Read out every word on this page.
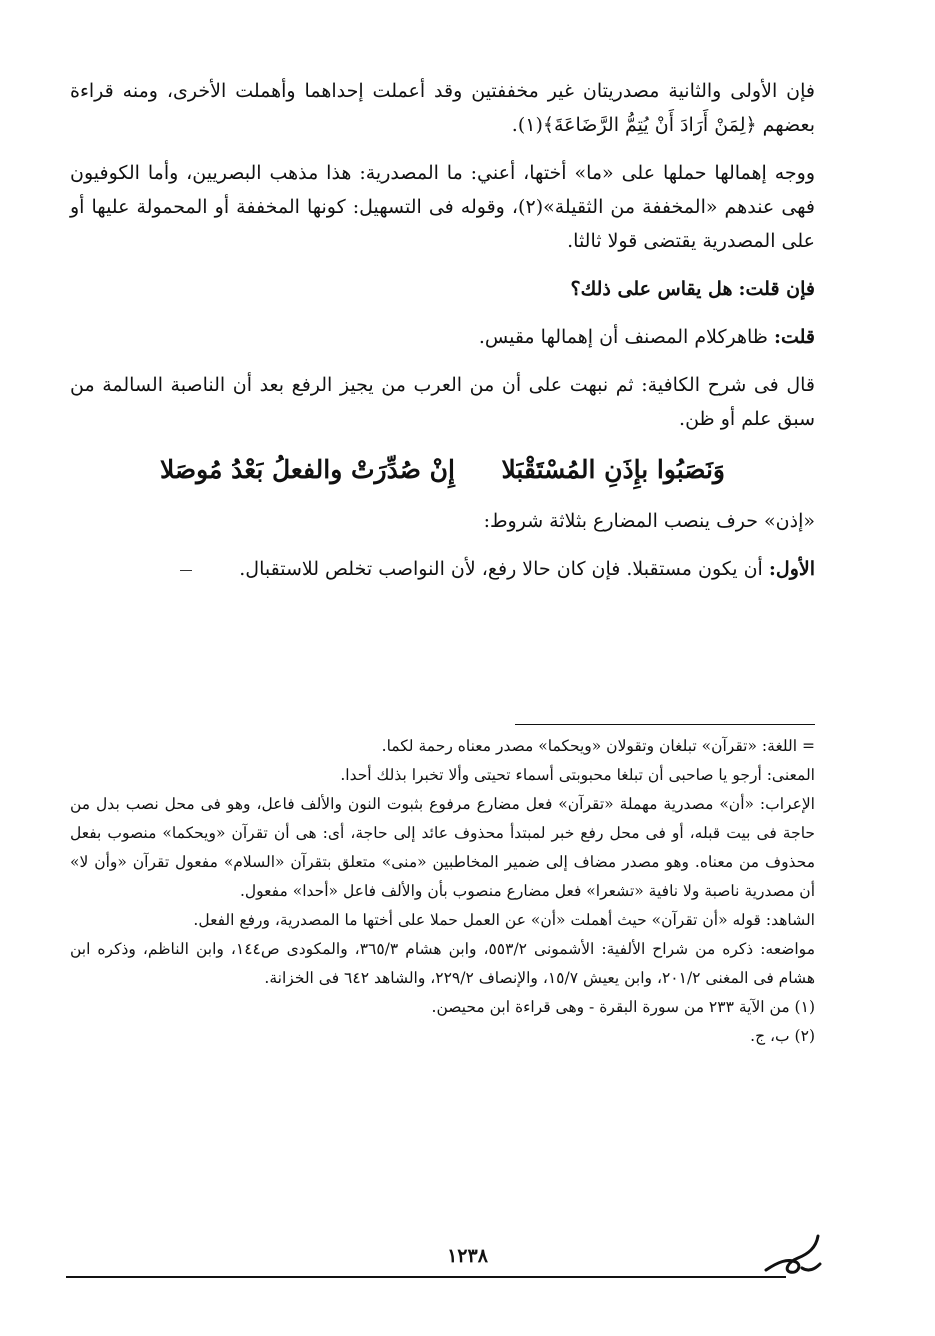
فإن الأولى والثانية مصدريتان غير مخففتين وقد أعملت إحداهما وأهملت الأخرى، ومنه قراءة بعضهم ﴿لِمَنْ أَرَادَ أَنْ يُتِمُّ الرَّضَاعَةَ﴾(١).

ووجه إهمالها حملها على «ما» أختها، أعني: ما المصدرية: هذا مذهب البصريين، وأما الكوفيون فهى عندهم «المخففة من الثقيلة»(٢)، وقوله فى التسهيل: كونها المخففة أو المحمولة عليها أو على المصدرية يقتضى قولا ثالثا.

فإن قلت: هل يقاس على ذلك؟

قلت: ظاهركلام المصنف أن إهمالها مقيس.

قال فى شرح الكافية: ثم نبهت على أن من العرب من يجيز الرفع بعد أن الناصبة السالمة من سبق علم أو ظن.

وَنَصَبُوا بإِذَنِ المُسْتَقْبَلا
إِنْ صُدِّرَتْ والفعلُ بَعْدُ مُوصَلا

«إذن» حرف ينصب المضارع بثلاثة شروط:

الأول: أن يكون مستقبلا. فإن كان حالا رفع، لأن النواصب تخلص للاستقبال.

= اللغة: «تقرآن» تبلغان وتقولان «ويحكما» مصدر معناه رحمة لكما.

المعنى: أرجو يا صاحبى أن تبلغا محبوبتى أسماء تحيتى وألا تخبرا بذلك أحدا.

الإعراب: «أن» مصدرية مهملة «تقرآن» فعل مضارع مرفوع بثبوت النون والألف فاعل، وهو فى محل نصب بدل من حاجة فى بيت قبله، أو فى محل رفع خبر لمبتدأ محذوف عائد إلى حاجة، أى: هى أن تقرآن «ويحكما» منصوب بفعل محذوف من معناه. وهو مصدر مضاف إلى ضمير المخاطبين «منى» متعلق بتقرآن «السلام» مفعول تقرآن «وأن لا» أن مصدرية ناصبة ولا نافية «تشعرا» فعل مضارع منصوب بأن والألف فاعل «أحدا» مفعول.

الشاهد: قوله «أن تقرآن» حيث أهملت «أن» عن العمل حملا على أختها ما المصدرية، ورفع الفعل.

مواضعه: ذكره من شراح الألفية: الأشمونى ٥٥٣/٢، وابن هشام ٣٦٥/٣، والمكودى ص١٤٤، وابن الناظم، وذكره ابن هشام فى المغنى ٢٠١/٢، وابن يعيش ١٥/٧، والإنصاف ٢٢٩/٢، والشاهد ٦٤٢ فى الخزانة.

(١) من الآية ٢٣٣ من سورة البقرة - وهى قراءة ابن محيصن.

(٢) ب، ج.

١٢٣٨
